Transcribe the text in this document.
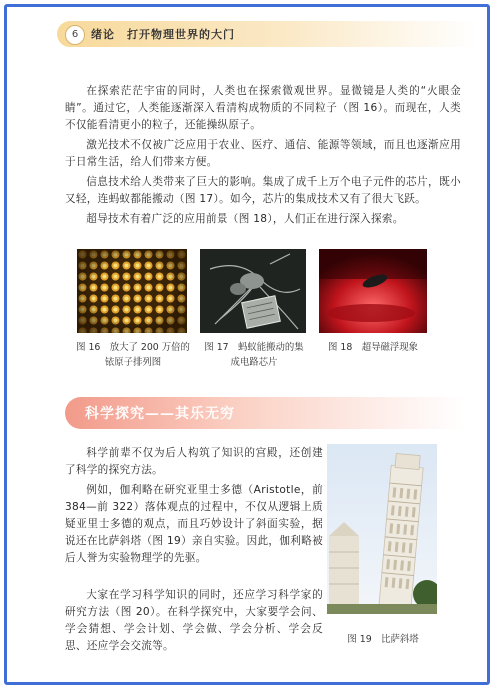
6	绪论　打开物理世界的大门

在探索茫茫宇宙的同时，人类也在探索微观世界。显微镜是人类的“火眼金睛”。通过它，人类能逐渐深入看清构成物质的不同粒子（图 16）。而现在，人类不仅能看清更小的粒子，还能操纵原子。

激光技术不仅被广泛应用于农业、医疗、通信、能源等领域，而且也逐渐应用于日常生活，给人们带来方便。

信息技术给人类带来了巨大的影响。集成了成千上万个电子元件的芯片，既小又轻，连蚂蚁都能搬动（图 17）。如今，芯片的集成技术又有了很大飞跃。

超导技术有着广泛的应用前景（图 18），人们正在进行深入探索。

图 16　放大了 200 万倍的铱原子排列图
图 17　蚂蚁能搬动的集成电路芯片
图 18　超导磁浮现象
科学探究——其乐无穷

科学前辈不仅为后人构筑了知识的宫殿，还创建了科学的探究方法。

例如，伽利略在研究亚里士多德（Aristotle，前 384—前 322）落体观点的过程中，不仅从逻辑上质疑亚里士多德的观点，而且巧妙设计了斜面实验，据说还在比萨斜塔（图 19）亲自实验。因此，伽利略被后人誉为实验物理学的先驱。

大家在学习科学知识的同时，还应学习科学家的研究方法（图 20）。在科学探究中，大家要学会问、学会猜想、学会计划、学会做、学会分析、学会反思、还应学会交流等。

图 19　比萨斜塔
